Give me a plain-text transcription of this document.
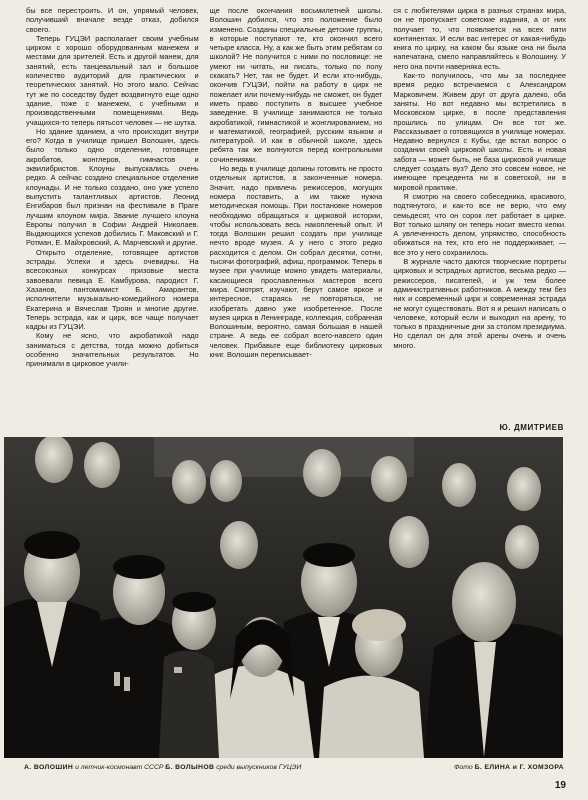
бы все перестроить. И он, упрямый человек, получивший вначале везде отказ, добился своего.

Теперь ГУЦЭИ располагает своим учебным цирком с хорошо оборудованным манежем и местами для зрителей. Есть и другой манеж, для занятий, есть танцевальный зал и большое количество аудиторий для практических и теоретических занятий. Но этого мало. Сейчас тут же по соседству будет воздвигнуто еще одно здание, тоже с манежем, с учебными и производственными помещениями. Ведь учащихся-то теперь пятьсот человек — не шутка.

Но здание зданием, а что происходит внутри его? Когда в училище пришел Волошин, здесь было только одно отделение, готовящее акробатов, жонглеров, гимнастов и эквилибристов. Клоуны выпускались очень редко. А сейчас создано специальное отделение клоунады. И не только создано, оно уже успело выпустить талантливых артистов. Леонид Енгибаров был признан на фестивале в Праге лучшим клоуном мира. Звание лучшего клоуна Европы получил в Софии Андрей Николаев. Выдающихся успехов добились Г. Маковский и Г. Ротман, Е. Майхровский, А. Марчевский и другие.

Открыто отделение, готовящее артистов эстрады. Успехи и здесь очевидны. На всесоюзных конкурсах призовые места завоевали певица Е. Камбурова, пародист Г. Хазанов, пантомимист Б. Амарантов, исполнители музыкально-комедийного номера Екатерина и Вячеслав Троян и многие другие. Теперь эстрада, как и цирк, все чаще получает кадры из ГУЦЭИ.

Кому не ясно, что акробатикой надо заниматься с детства, тогда можно добиться особенно значительных результатов. Но принимали в цирковое учили-

ще после окончания восьмилетней школы. Волошин добился, что это положение было изменено. Созданы специальные детские группы, в которые поступают те, кто окончил всего четыре класса. Ну, а как же быть этим ребятам со школой? Не получится с ними по пословице: не умеют ни читать, ни писать, только по полу скакать? Нет, так не будет. И если кто-нибудь, окончив ГУЦЭИ, пойти на работу в цирк не пожелает или почему-нибудь не сможет, он будет иметь право поступить в высшее учебное заведение. В училище занимаются не только акробатикой, гимнастикой и жонглированием, но и математикой, географией, русским языком и литературой. И как в обычной школе, здесь ребята так же волнуются перед контрольными сочинениями.

Но ведь в училище должны готовить не просто отдельных артистов, а законченные номера. Значит, надо привлечь режиссеров, могущих номера поставить, а им также нужна методическая помощь. При постановке номеров необходимо обращаться к цирковой истории, чтобы использовать весь накопленный опыт. И тогда Волошин решил создать при училище нечто вроде музея. А у него с этого редко расходится с делом. Он собрал десятки, сотни, тысячи фотографий, афиш, программок. Теперь в музее при училище можно увидеть материалы, касающиеся прославленных мастеров всего мира. Смотрят, изучают, берут самое яркое и интересное, стараясь не повторяться, не изобретать давно уже изобретенное. После музея цирка в Ленинграде, коллекция, собранная Волошиным, вероятно, самая большая в нашей стране. А ведь ее собрал всего-навсего один человек. Прибавьте еще библиотеку цирковых книг. Волошин переписывает-

ся с любителями цирка в разных странах мира, он не пропускает советские издания, а от них получает то, что появляется на всех пяти континентах. И если вас интерес от какая-нибудь книга по цирку, на каком бы языке она ни была напечатана, смело направляйтесь к Волошину. У него она почти наверняка есть.

Как-то получилось, что мы за последнее время редко встречаемся с Александром Марковичем. Живем друг от друга далеко, оба заняты. Но вот недавно мы встретились в Московском цирке, в после представления прошлись по улицам. Он все тот же. Рассказывает о готовящихся в училище номерах. Недавно вернулся с Кубы, где встал вопрос о создании своей цирковой школы. Есть и новая забота — может быть, не база цирковой училище следует создать вуз? Дело это совсем новое, не имеющее прецедента ни в советской, ни в мировой практике.

Я смотрю на своего собеседника, красивого, подтянутого, и как-то все не верю, что ему семьдесят, что он сорок лет работает в цирке. Вот только шляпу он теперь носит вместо кепки. А увлеченность делом, упрямство, способность обижаться на тех, кто его не поддерживает, — все это у него сохранилось.

В журнале часто даются творческие портреты цирковых и эстрадных артистов, весьма редко — режиссеров, писателей, и уж тем более административных работников. А между тем без них и современный цирк и современная эстрада не могут существовать. Вот я и решил написать о человеке, который если и выходил на арену, то только в праздничные дни за столом президиума. Но сделал он для этой арены очень и очень много.

Ю. ДМИТРИЕВ
А. ВОЛОШИН и летчик-космонавт СССР Б. ВОЛЫНОВ среди выпускников ГУЦЭИ	Фото Б. ЕЛИНА и Г. ХОМЗОРА
19
